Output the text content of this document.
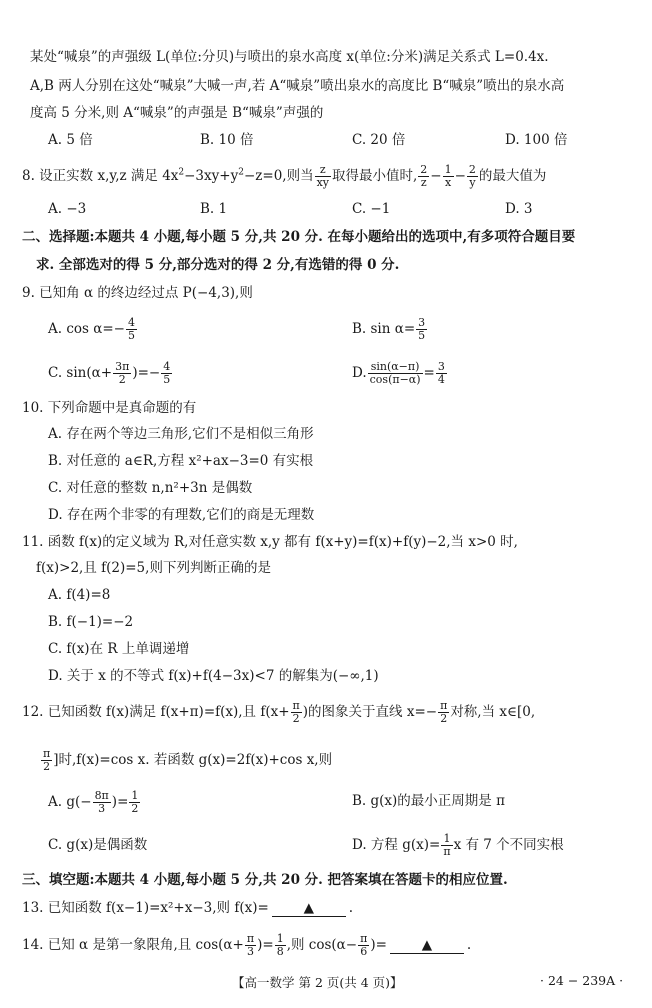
某处“喊泉”的声强级 L(单位:分贝)与喷出的泉水高度 x(单位:分米)满足关系式 L=0.4x.
A,B 两人分别在这处“喊泉”大喊一声,若 A“喊泉”喷出泉水的高度比 B“喊泉”喷出的泉水高
度高 5 分米,则 A“喊泉”的声强是 B“喊泉”声强的
A. 5 倍	B. 10 倍	C. 20 倍	D. 100 倍
8. 设正实数 x,y,z 满足 $4x^2-3xy+y^2-z=0$,则当 $\frac{z}{xy}$ 取得最小值时, $\frac{2}{z} - \frac{1}{x} - \frac{2}{y}$ 的最大值为
A. −3	B. 1	C. −1	D. 3
二、选择题:本题共 4 小题,每小题 5 分,共 20 分. 在每小题给出的选项中,有多项符合题目要
求. 全部选对的得 5 分,部分选对的得 2 分,有选错的得 0 分.
9. 已知角 α 的终边经过点 P(−4,3),则
A. $\cos \alpha=- \frac{4}{5}$	B. $\sin \alpha= \frac{3}{5}$
C. $\sin(\alpha+ \frac{3\pi}{2}$ )=− $\frac{4}{5}$	D. $\frac{\sin(\alpha-\pi)}{\cos(\pi-\alpha)} = \frac{3}{4}$
10. 下列命题中是真命题的有
A. 存在两个等边三角形,它们不是相似三角形
B. 对任意的 a∈R,方程 x²+ax−3=0 有实根
C. 对任意的整数 n,n²+3n 是偶数
D. 存在两个非零的有理数,它们的商是无理数
11. 函数 f(x)的定义域为 R,对任意实数 x,y 都有 f(x+y)=f(x)+f(y)−2,当 x>0 时,
f(x)>2,且 f(2)=5,则下列判断正确的是
A. f(4)=8
B. f(−1)=−2
C. f(x)在 R 上单调递增
D. 关于 x 的不等式 f(x)+f(4−3x)<7 的解集为(−∞,1)
12. 已知函数 f(x)满足 f(x+π)=f(x),且 $f(x+ \frac{\pi}{2}$ )的图象关于直线 $x=- \frac{\pi}{2}$ 对称,当 x∈[0,
$\frac{\pi}{2}$ ]时,f(x)=cos x. 若函数 g(x)=2f(x)+cos x,则
A. $g(- \frac{8\pi}{3}$ )= $\frac{1}{2}$	B. g(x)的最小正周期是 π
C. g(x)是偶函数	D. 方程 $g(x)= \frac{1}{\pi}$ x 有 7 个不同实根
三、填空题:本题共 4 小题,每小题 5 分,共 20 分. 把答案填在答题卡的相应位置.
13. 已知函数 f(x−1)=x²+x−3,则 f(x)=	▲	.
14. 已知 α 是第一象限角,且 $\cos(\alpha+ \frac{\pi}{3}$ )= $\frac{1}{8}$ ,则 $\cos(\alpha- \frac{\pi}{6}$ )=	▲	.
【高一数学 第 2 页(共 4 页)】	· 24 − 239A ·
